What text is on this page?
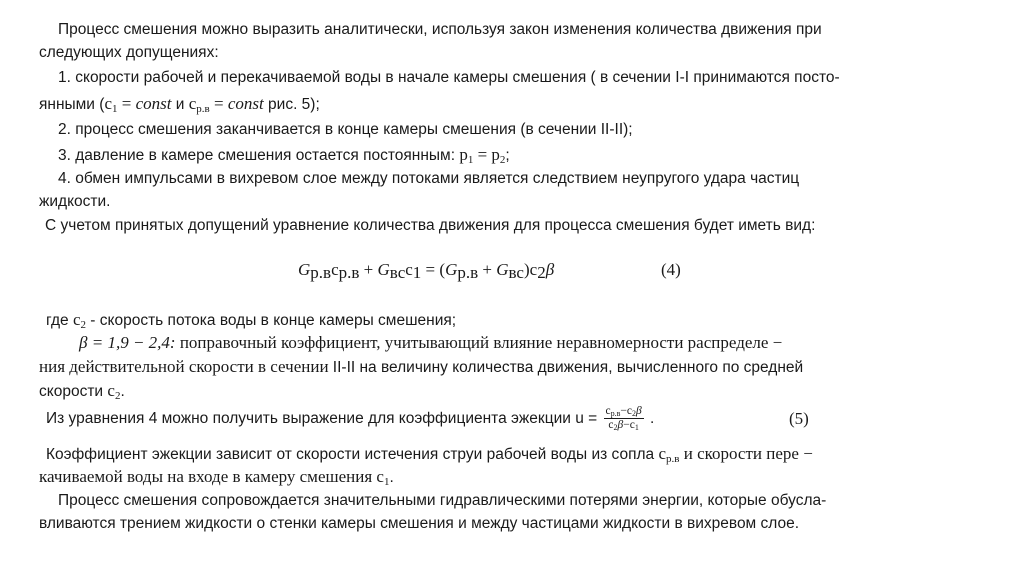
Процесс смешения можно выразить аналитически, используя закон изменения количества движения при
следующих допущениях:
1. скорости рабочей и перекачиваемой воды в начале камеры смешения ( в сечении I-I принимаются посто-
янными ($c_1$ = const и $c_{р.в}$ = const рис. 5);
2. процесс смешения заканчивается в конце камеры смешения (в сечении II-II);
3. давление в камере смешения остается постоянным: $p_1 = p_2$;
4. обмен импульсами в вихревом слое между потоками является следствием неупругого удара частиц
жидкости.
С учетом принятых допущений уравнение количества движения для процесса смешения будет иметь вид:
$G_{р.в}c_{р.в} + G_{вс}c_1 = (G_{р.в} + G_{вс})c_2\beta$	(4)
где $c_2$ - скорость потока воды в конце камеры смешения;
β = 1,9 − 2,4: поправочный коэффициент, учитывающий влияние неравномерности распределе −
ния действительной скорости в сечении II-II на величину количества движения, вычисленного по средней
скорости $c_2$.
Из уравнения 4 можно получить выражение для коэффициента эжекции $u = \frac{c_{р.в}-c_2\beta}{c_2\beta-c_1}$ .	(5)
Коэффициент эжекции зависит от скорости истечения струи рабочей воды из сопла $c_{р.в}$ и скорости пере −
качиваемой воды на входе в камеру смешения $c_1$.
Процесс смешения сопровождается значительными гидравлическими потерями энергии, которые обусла-
вливаются трением жидкости о стенки камеры смешения и между частицами жидкости в вихревом слое.
